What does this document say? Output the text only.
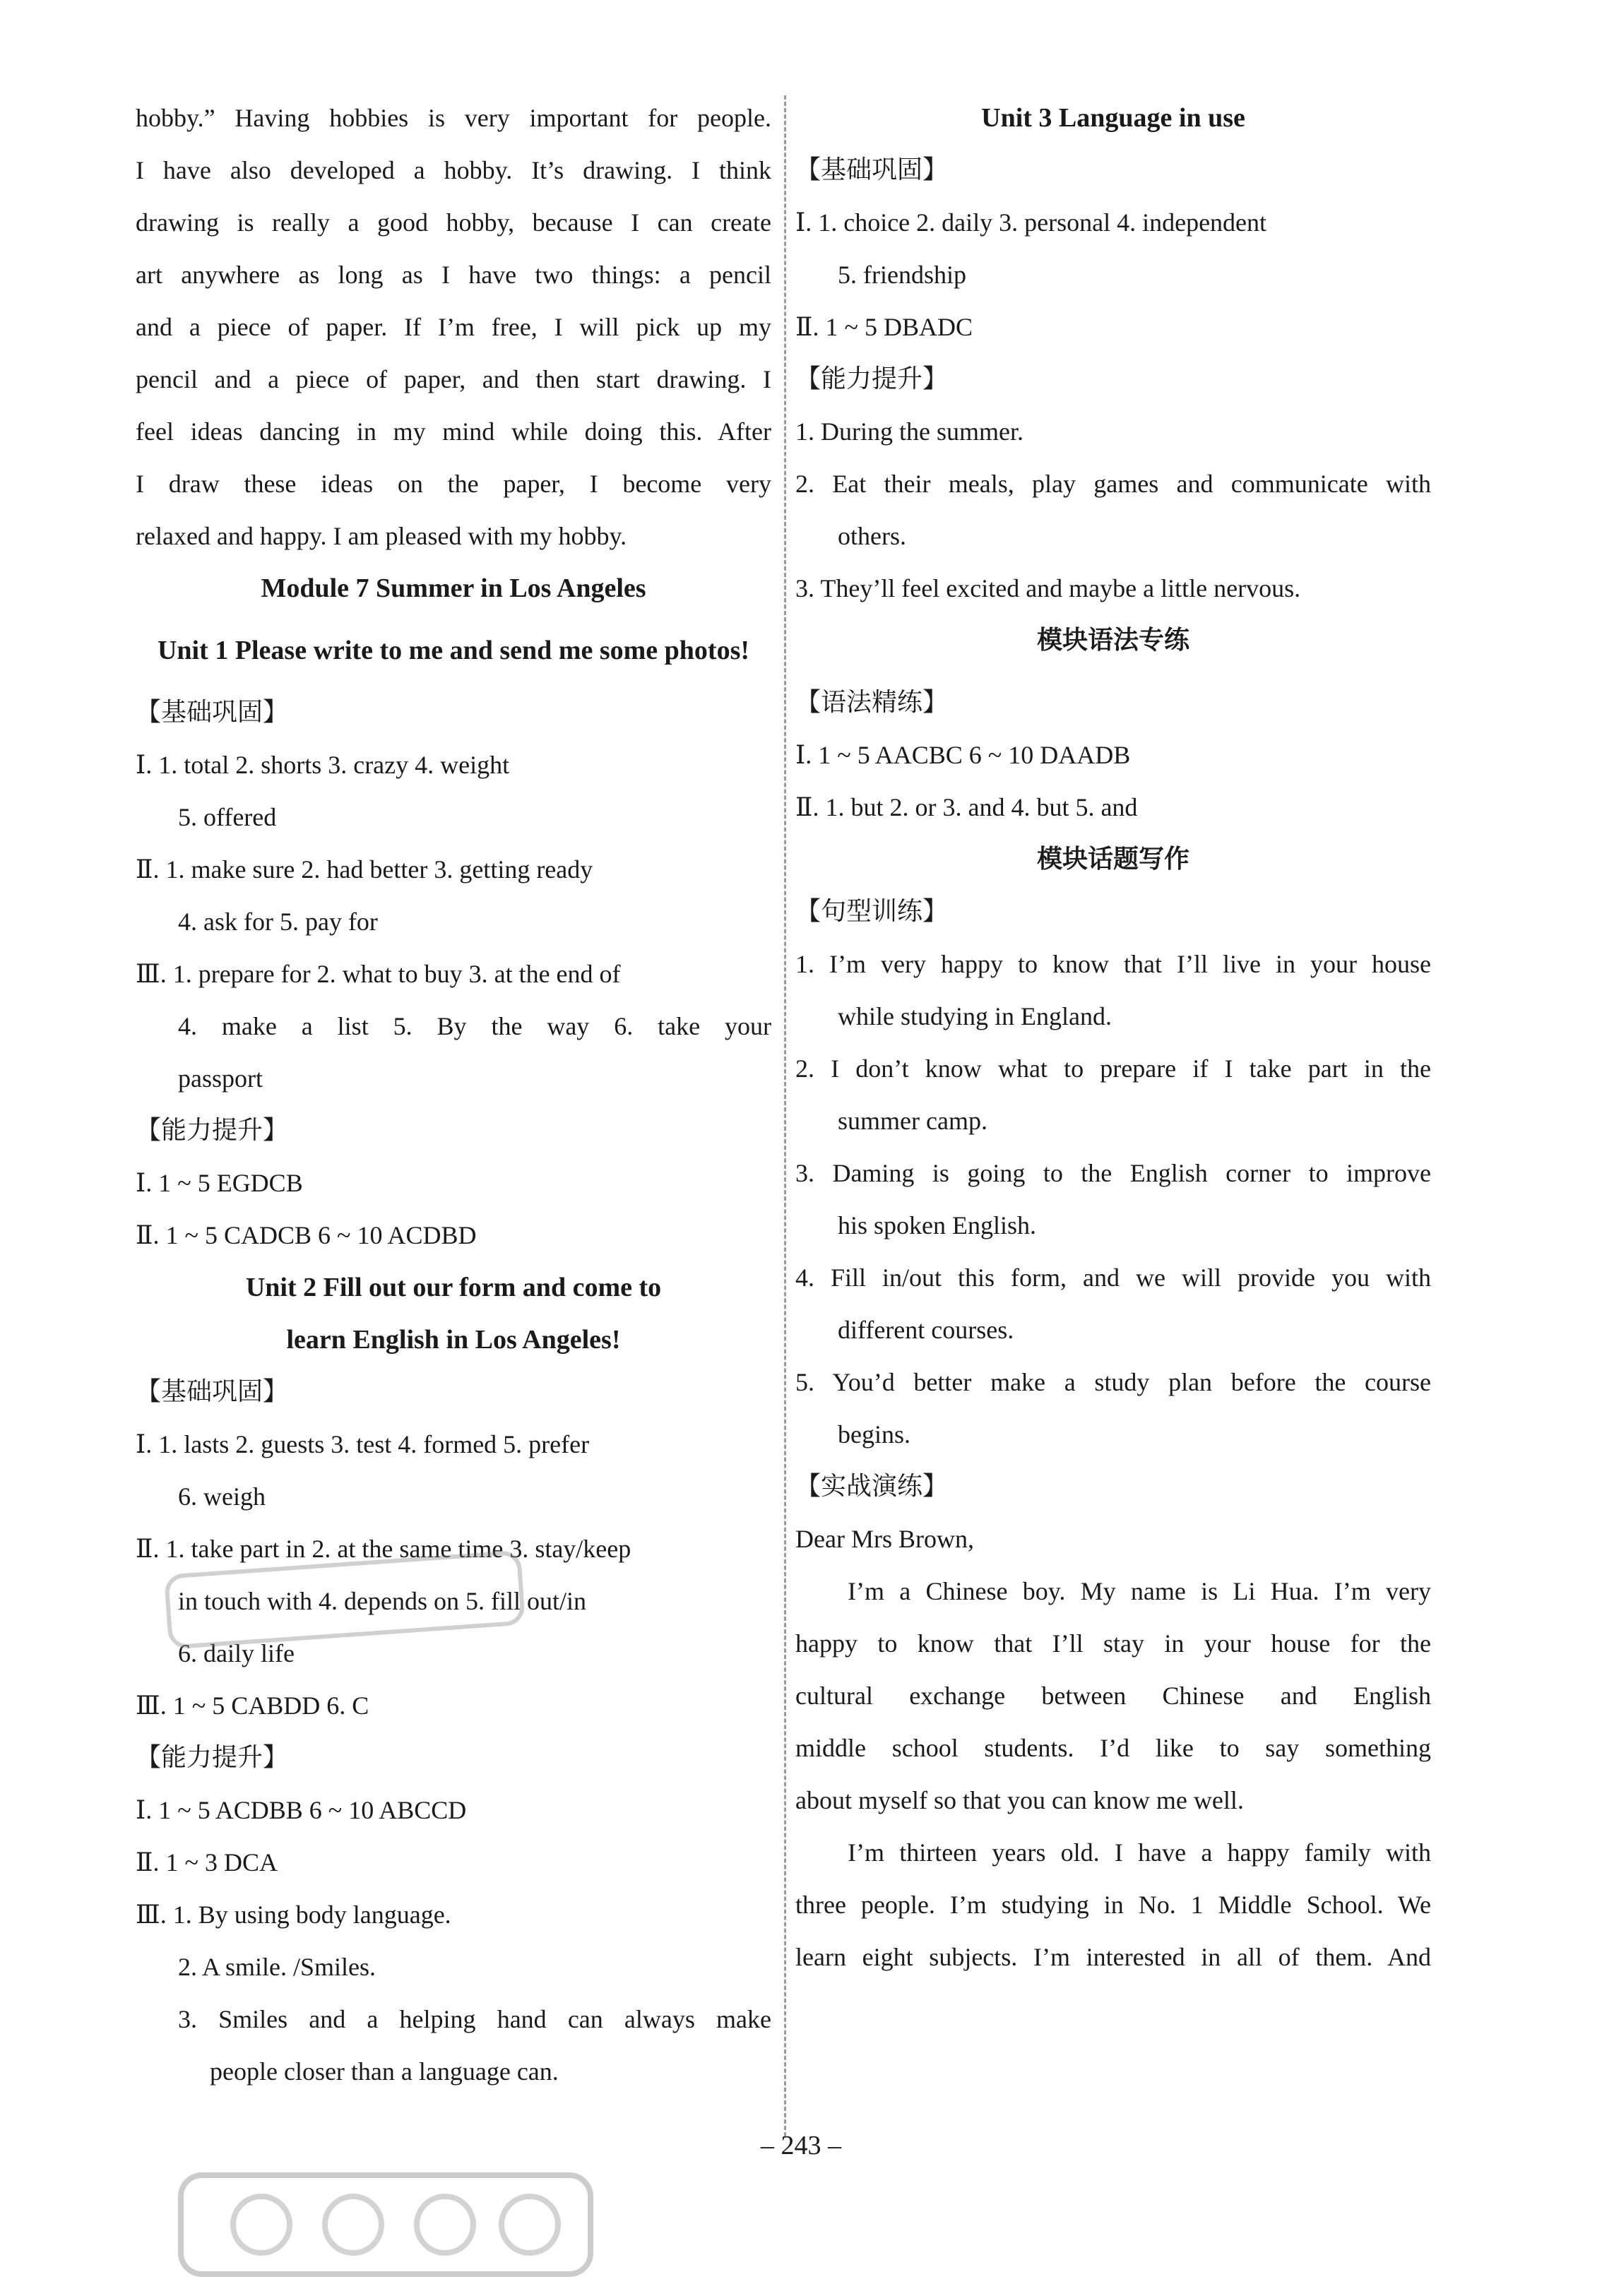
hobby.” Having hobbies is very important for people.
I have also developed a hobby. It’s drawing. I think
drawing is really a good hobby, because I can create
art anywhere as long as I have two things: a pencil
and a piece of paper. If I’m free, I will pick up my
pencil and a piece of paper, and then start drawing. I
feel ideas dancing in my mind while doing this. After
I draw these ideas on the paper, I become very
relaxed and happy. I am pleased with my hobby.
Module 7 Summer in Los Angeles
Unit 1 Please write to me and send me some photos!
【基础巩固】
Ⅰ. 1. total 2. shorts 3. crazy 4. weight
5. offered
Ⅱ. 1. make sure 2. had better 3. getting ready
4. ask for 5. pay for
Ⅲ. 1. prepare for 2. what to buy 3. at the end of
4. make a list 5. By the way 6. take your
passport
【能力提升】
Ⅰ. 1 ~ 5 EGDCB
Ⅱ. 1 ~ 5 CADCB 6 ~ 10 ACDBD
Unit 2 Fill out our form and come to
learn English in Los Angeles!
【基础巩固】
Ⅰ. 1. lasts 2. guests 3. test 4. formed 5. prefer
6. weigh
Ⅱ. 1. take part in 2. at the same time 3. stay/keep
in touch with 4. depends on 5. fill out/in
6. daily life
Ⅲ. 1 ~ 5 CABDD 6. C
【能力提升】
Ⅰ. 1 ~ 5 ACDBB 6 ~ 10 ABCCD
Ⅱ. 1 ~ 3 DCA
Ⅲ. 1. By using body language.
2. A smile. /Smiles.
3. Smiles and a helping hand can always make
people closer than a language can.
Unit 3 Language in use
【基础巩固】
Ⅰ. 1. choice 2. daily 3. personal 4. independent
5. friendship
Ⅱ. 1 ~ 5 DBADC
【能力提升】
1. During the summer.
2. Eat their meals, play games and communicate with
others.
3. They’ll feel excited and maybe a little nervous.
模块语法专练
【语法精练】
Ⅰ. 1 ~ 5 AACBC 6 ~ 10 DAADB
Ⅱ. 1. but 2. or 3. and 4. but 5. and
模块话题写作
【句型训练】
1. I’m very happy to know that I’ll live in your house
while studying in England.
2. I don’t know what to prepare if I take part in the
summer camp.
3. Daming is going to the English corner to improve
his spoken English.
4. Fill in/out this form, and we will provide you with
different courses.
5. You’d better make a study plan before the course
begins.
【实战演练】
Dear Mrs Brown,
I’m a Chinese boy. My name is Li Hua. I’m very
happy to know that I’ll stay in your house for the
cultural exchange between Chinese and English
middle school students. I’d like to say something
about myself so that you can know me well.
I’m thirteen years old. I have a happy family with
three people. I’m studying in No. 1 Middle School. We
learn eight subjects. I’m interested in all of them. And
– 243 –
